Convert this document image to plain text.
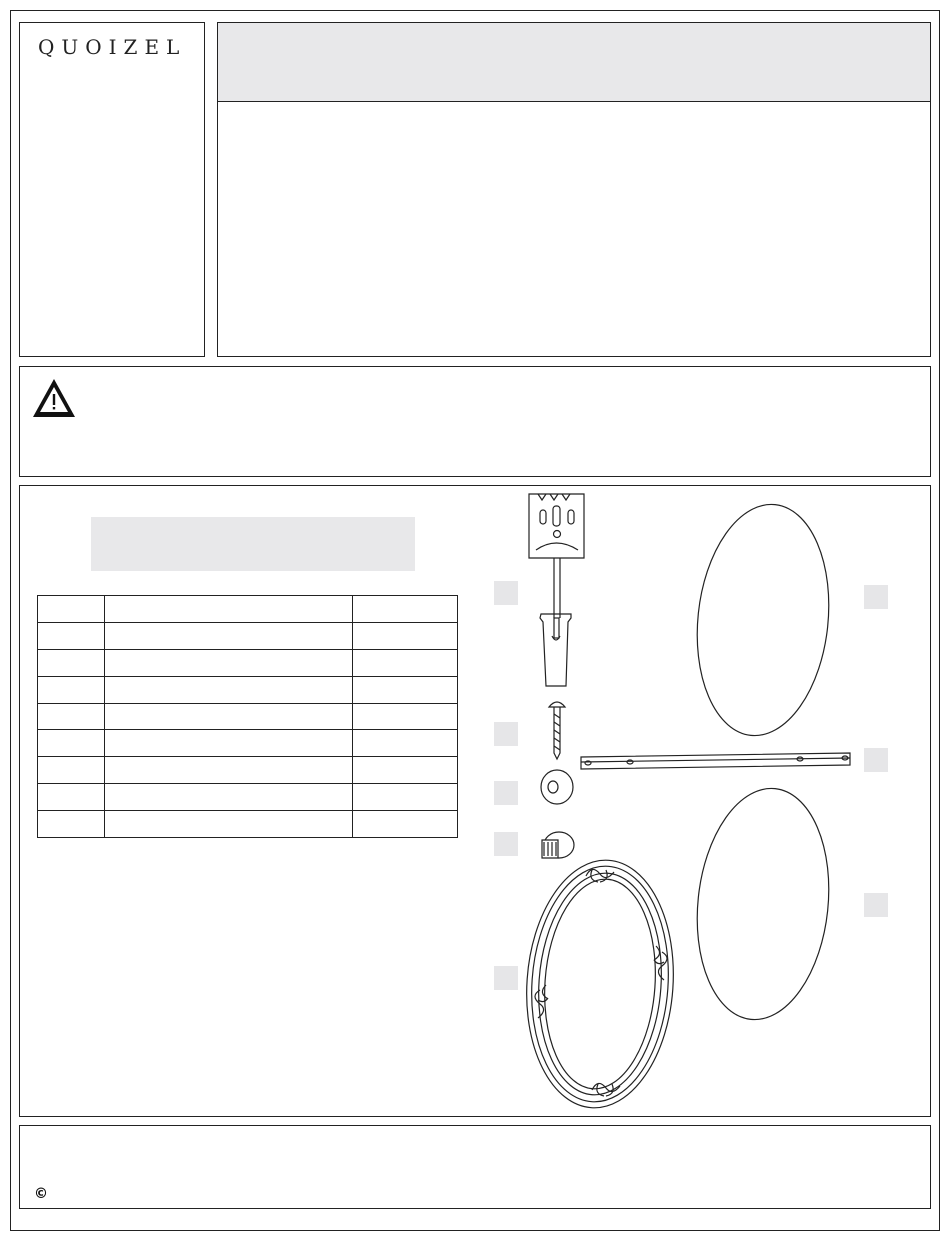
QUOIZEL

©
